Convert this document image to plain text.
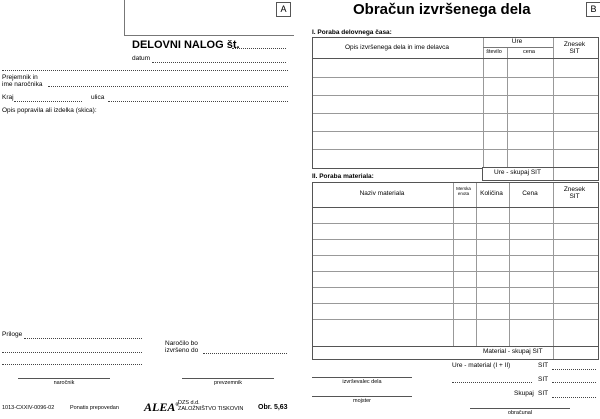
A
DELOVNI NALOG št.
datum
Prejemnik in
ime naročnika
Kraj	ulica
Opis popravila ali izdelka (skica):
Priloge
Naročilo bo
izvršeno do
naročnik	prevzemnik
1013-CXXIV-0096-02	Ponatis prepovedan ALEA®
DZS d.d.
ZALOŽNIŠTVO TISKOVIN Obr. 5,63
Obračun izvršenega dela	B
I. Poraba delovnega časa:
Opis izvršenega dela in ime delavca
Ure
število	cena
Znesek
SIT
Ure - skupaj SIT
II. Poraba materiala:
Naziv materiala
Merska
enota	Količina	Cena
Znesek
SIT
Material - skupaj SIT
Ure - material (I + II)	SIT
SIT
Skupaj SIT
izvrševalec dela
mojster
obračunal
